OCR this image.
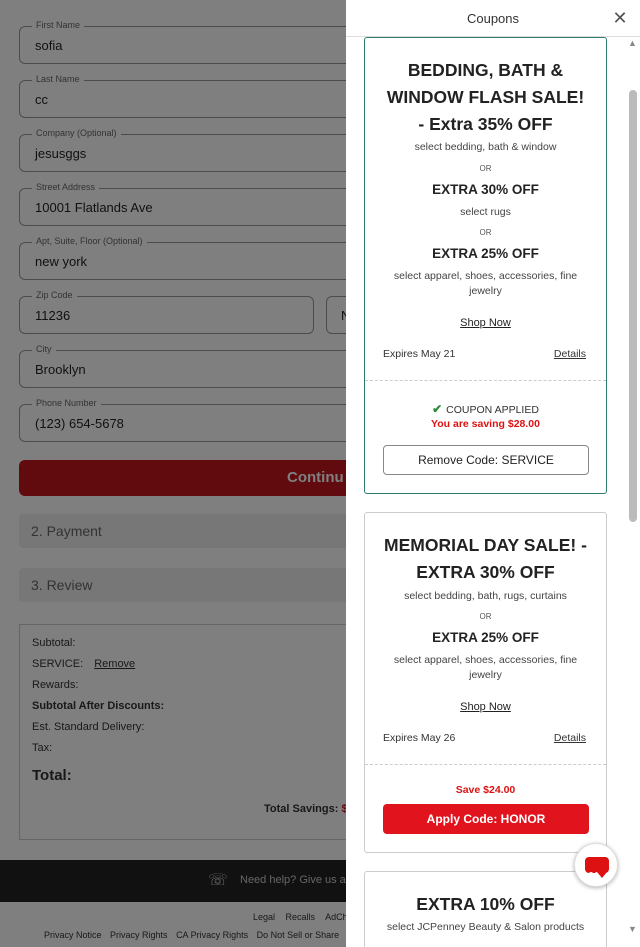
Coupons	✕
▲
▼
BEDDING, BATH &
WINDOW FLASH SALE!
- Extra 35% OFF
select bedding, bath & window
OR
EXTRA 30% OFF
select rugs
OR
EXTRA 25% OFF
select apparel, shoes, accessories, fine jewelry
Shop Now
Expires May 21	Details
✔ COUPON APPLIED
You are saving $28.00
Remove Code: SERVICE
MEMORIAL DAY SALE! -
EXTRA 30% OFF
select bedding, bath, rugs, curtains
OR
EXTRA 25% OFF
select apparel, shoes, accessories, fine jewelry
Shop Now
Expires May 26	Details
Save $24.00
Apply Code: HONOR
EXTRA 10% OFF
select JCPenney Beauty & Salon products
